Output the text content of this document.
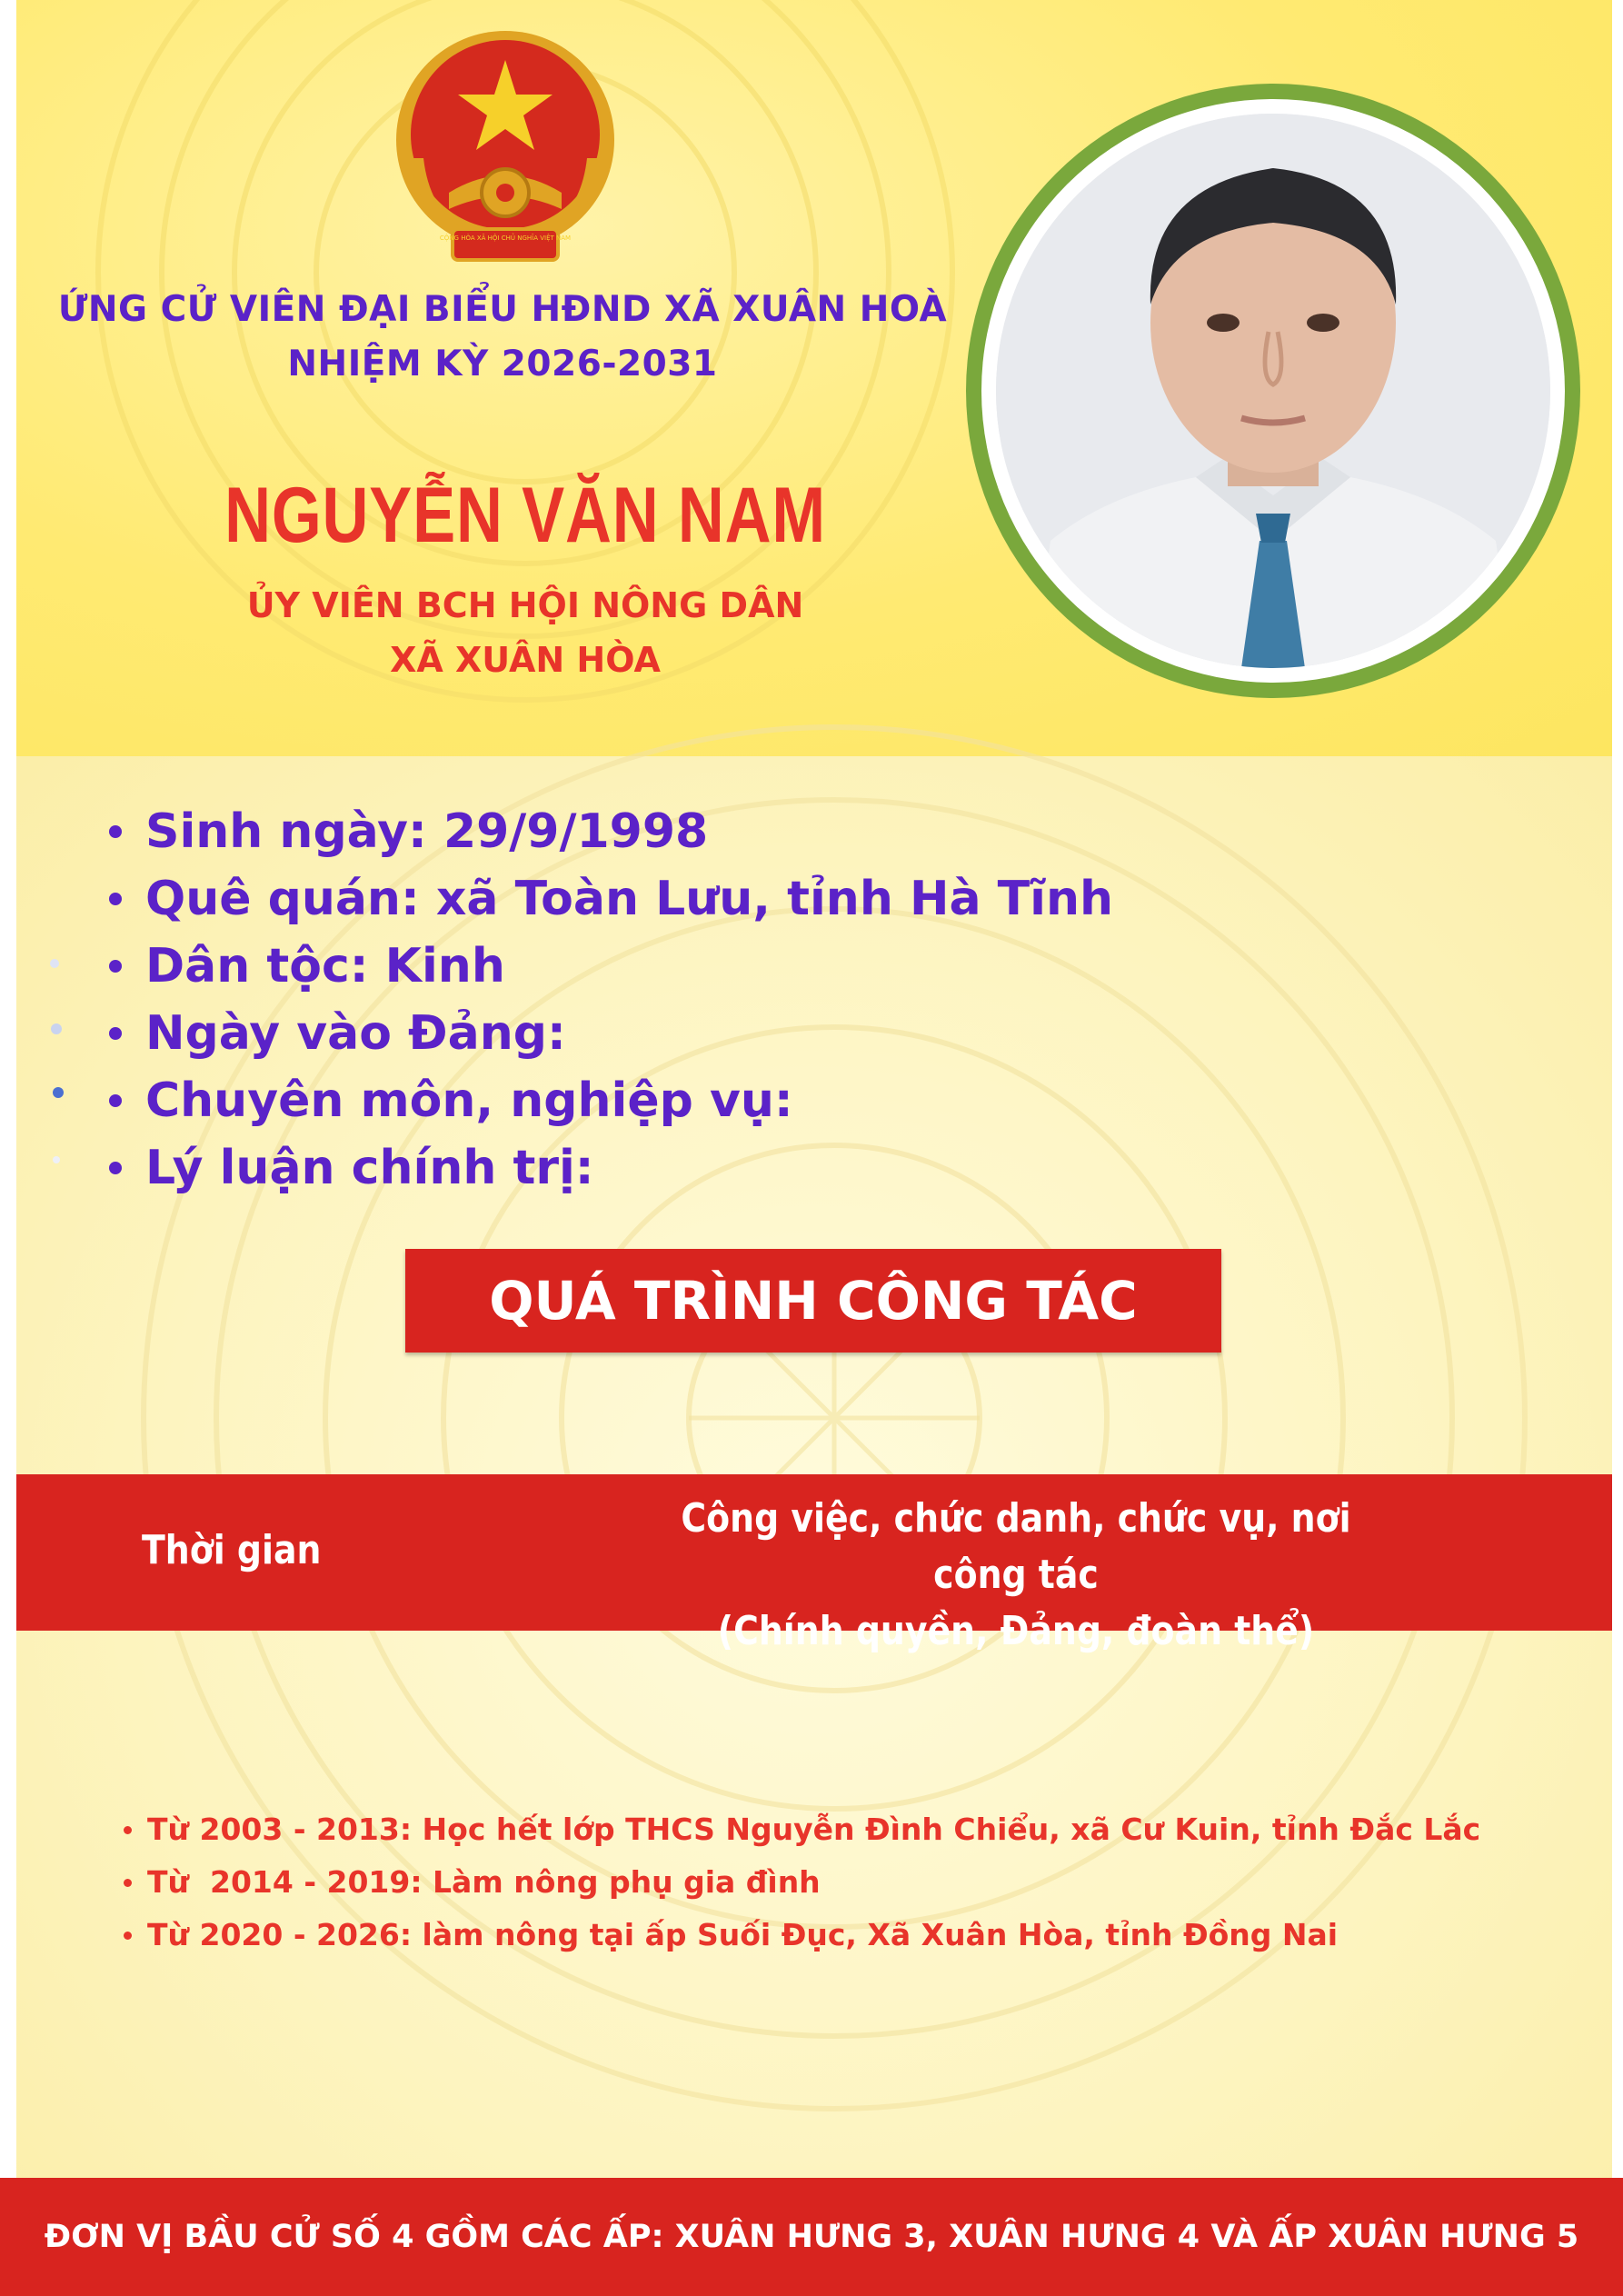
CỘNG HÒA XÃ HỘI CHỦ NGHĨA VIỆT NAM
ỨNG CỬ VIÊN ĐẠI BIỂU HĐND XÃ XUÂN HOÀ
NHIỆM KỲ 2026-2031
NGUYỄN VĂN NAM
ỦY VIÊN BCH HỘI NÔNG DÂN
XÃ XUÂN HÒA
Sinh ngày: 29/9/1998
Quê quán: xã Toàn Lưu, tỉnh Hà Tĩnh
Dân tộc: Kinh
Ngày vào Đảng:
Chuyên môn, nghiệp vụ:
Lý luận chính trị:
QUÁ TRÌNH CÔNG TÁC
Thời gian
Công việc, chức danh, chức vụ, nơi công tác
(Chính quyền, Đảng, đoàn thể)
Từ 2003 - 2013: Học hết lớp THCS Nguyễn Đình Chiểu, xã Cư Kuin, tỉnh Đắc Lắc
Từ  2014 - 2019: Làm nông phụ gia đình
Từ 2020 - 2026: làm nông tại ấp Suối Đục, Xã Xuân Hòa, tỉnh Đồng Nai
ĐƠN VỊ BẦU CỬ SỐ 4 GỒM CÁC ẤP: XUÂN HƯNG 3, XUÂN HƯNG 4 VÀ ẤP XUÂN HƯNG 5
